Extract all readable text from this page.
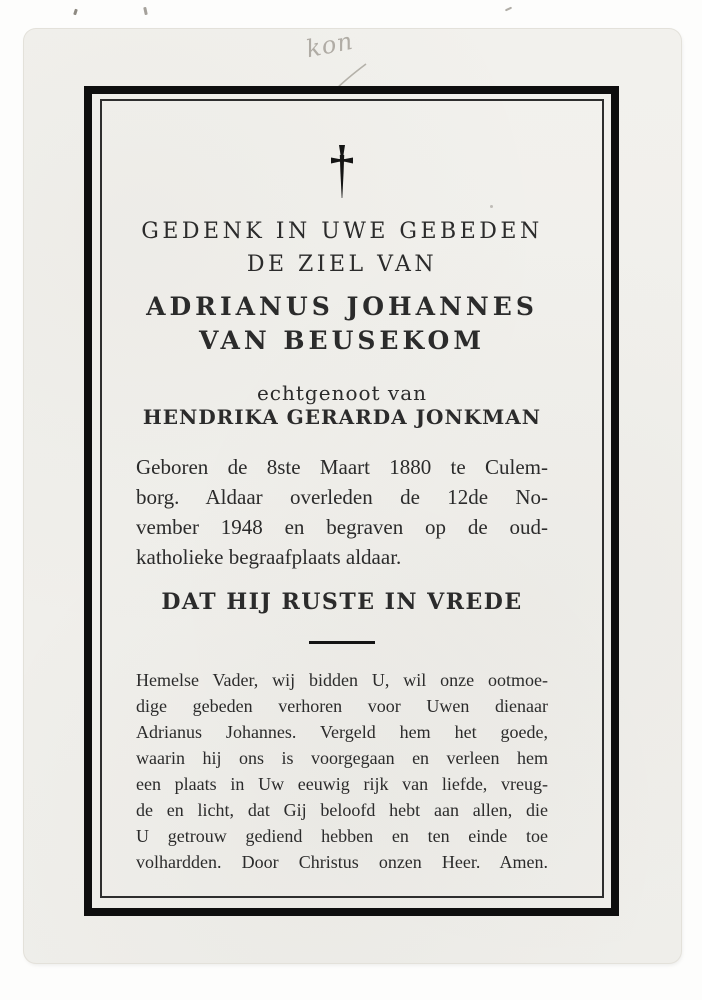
kon
GEDENK IN UWE GEBEDEN
DE ZIEL VAN
ADRIANUS JOHANNES
VAN BEUSEKOM
echtgenoot van
HENDRIKA GERARDA JONKMAN
Geboren de 8ste Maart 1880 te Culem-
borg. Aldaar overleden de 12de No-
vember 1948 en begraven op de oud-
katholieke begraafplaats aldaar.
DAT HIJ RUSTE IN VREDE
Hemelse Vader, wij bidden U, wil onze ootmoe-
dige gebeden verhoren voor Uwen dienaar
Adrianus Johannes. Vergeld hem het goede,
waarin hij ons is voorgegaan en verleen hem
een plaats in Uw eeuwig rijk van liefde, vreug-
de en licht, dat Gij beloofd hebt aan allen, die
U getrouw gediend hebben en ten einde toe
volhardden. Door Christus onzen Heer. Amen.
